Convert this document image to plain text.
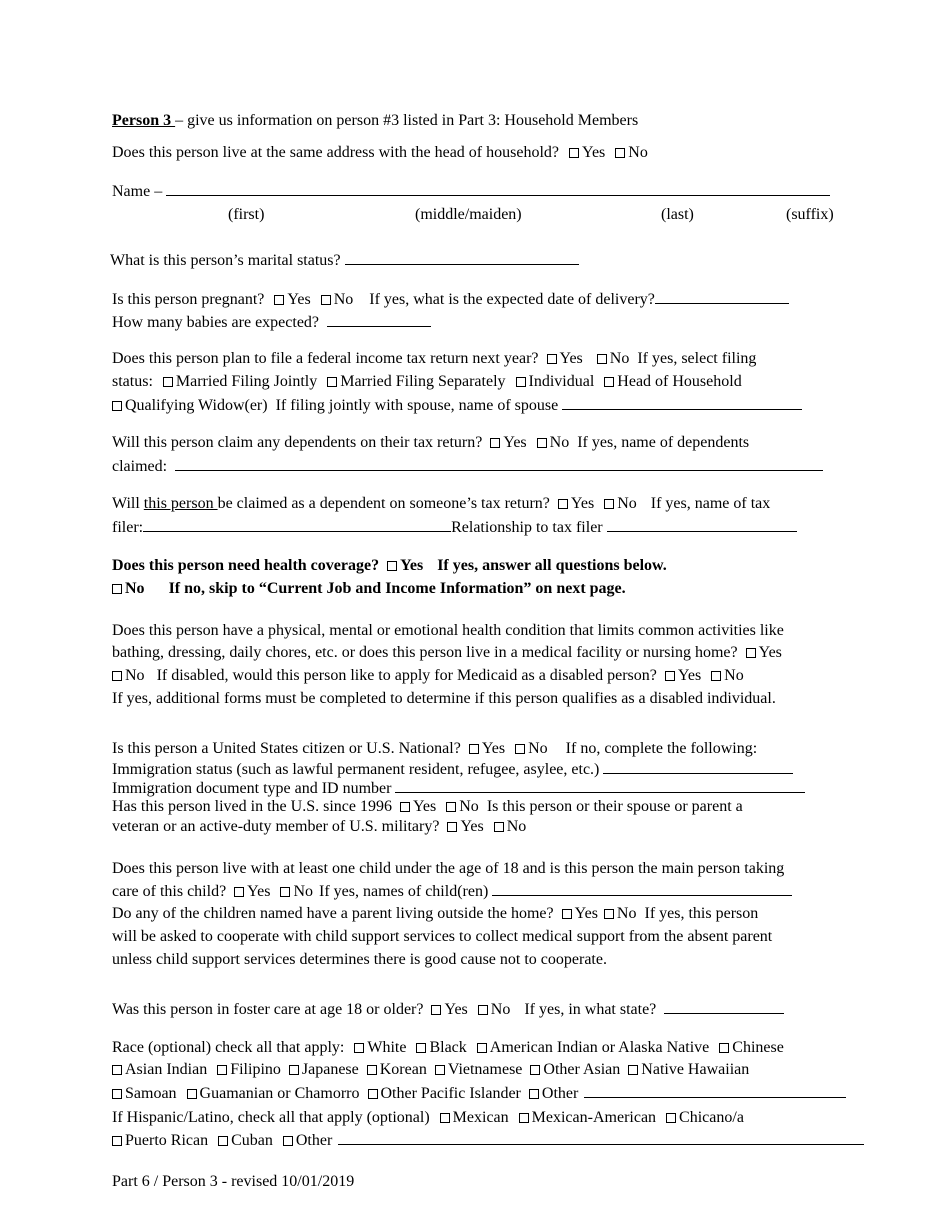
Person 3 – give us information on person #3 listed in Part 3: Household Members
Does this person live at the same address with the head of household? Yes No
Name –
(first)	(middle/maiden)	(last)	(suffix)
What is this person’s marital status?
Is this person pregnant? Yes No If yes, what is the expected date of delivery?
How many babies are expected?
Does this person plan to file a federal income tax return next year? Yes No If yes, select filing
status: Married Filing Jointly Married Filing Separately Individual Head of Household
Qualifying Widow(er) If filing jointly with spouse, name of spouse
Will this person claim any dependents on their tax return? Yes No If yes, name of dependents
claimed:
Will this person be claimed as a dependent on someone’s tax return? Yes No If yes, name of tax
filer:	Relationship to tax filer
Does this person need health coverage? Yes If yes, answer all questions below.
No If no, skip to “Current Job and Income Information” on next page.
Does this person have a physical, mental or emotional health condition that limits common activities like
bathing, dressing, daily chores, etc. or does this person live in a medical facility or nursing home? Yes
No If disabled, would this person like to apply for Medicaid as a disabled person? Yes No
If yes, additional forms must be completed to determine if this person qualifies as a disabled individual.
Is this person a United States citizen or U.S. National? Yes No If no, complete the following:
Immigration status (such as lawful permanent resident, refugee, asylee, etc.)
Immigration document type and ID number
Has this person lived in the U.S. since 1996 Yes No Is this person or their spouse or parent a
veteran or an active-duty member of U.S. military? Yes No
Does this person live with at least one child under the age of 18 and is this person the main person taking
care of this child? Yes No If yes, names of child(ren)
Do any of the children named have a parent living outside the home? Yes No If yes, this person
will be asked to cooperate with child support services to collect medical support from the absent parent
unless child support services determines there is good cause not to cooperate.
Was this person in foster care at age 18 or older? Yes No If yes, in what state?
Race (optional) check all that apply: White Black American Indian or Alaska Native Chinese
Asian Indian Filipino Japanese Korean Vietnamese Other Asian Native Hawaiian
Samoan Guamanian or Chamorro Other Pacific Islander Other
If Hispanic/Latino, check all that apply (optional) Mexican Mexican-American Chicano/a
Puerto Rican Cuban Other
Part 6 / Person 3 - revised 10/01/2019
